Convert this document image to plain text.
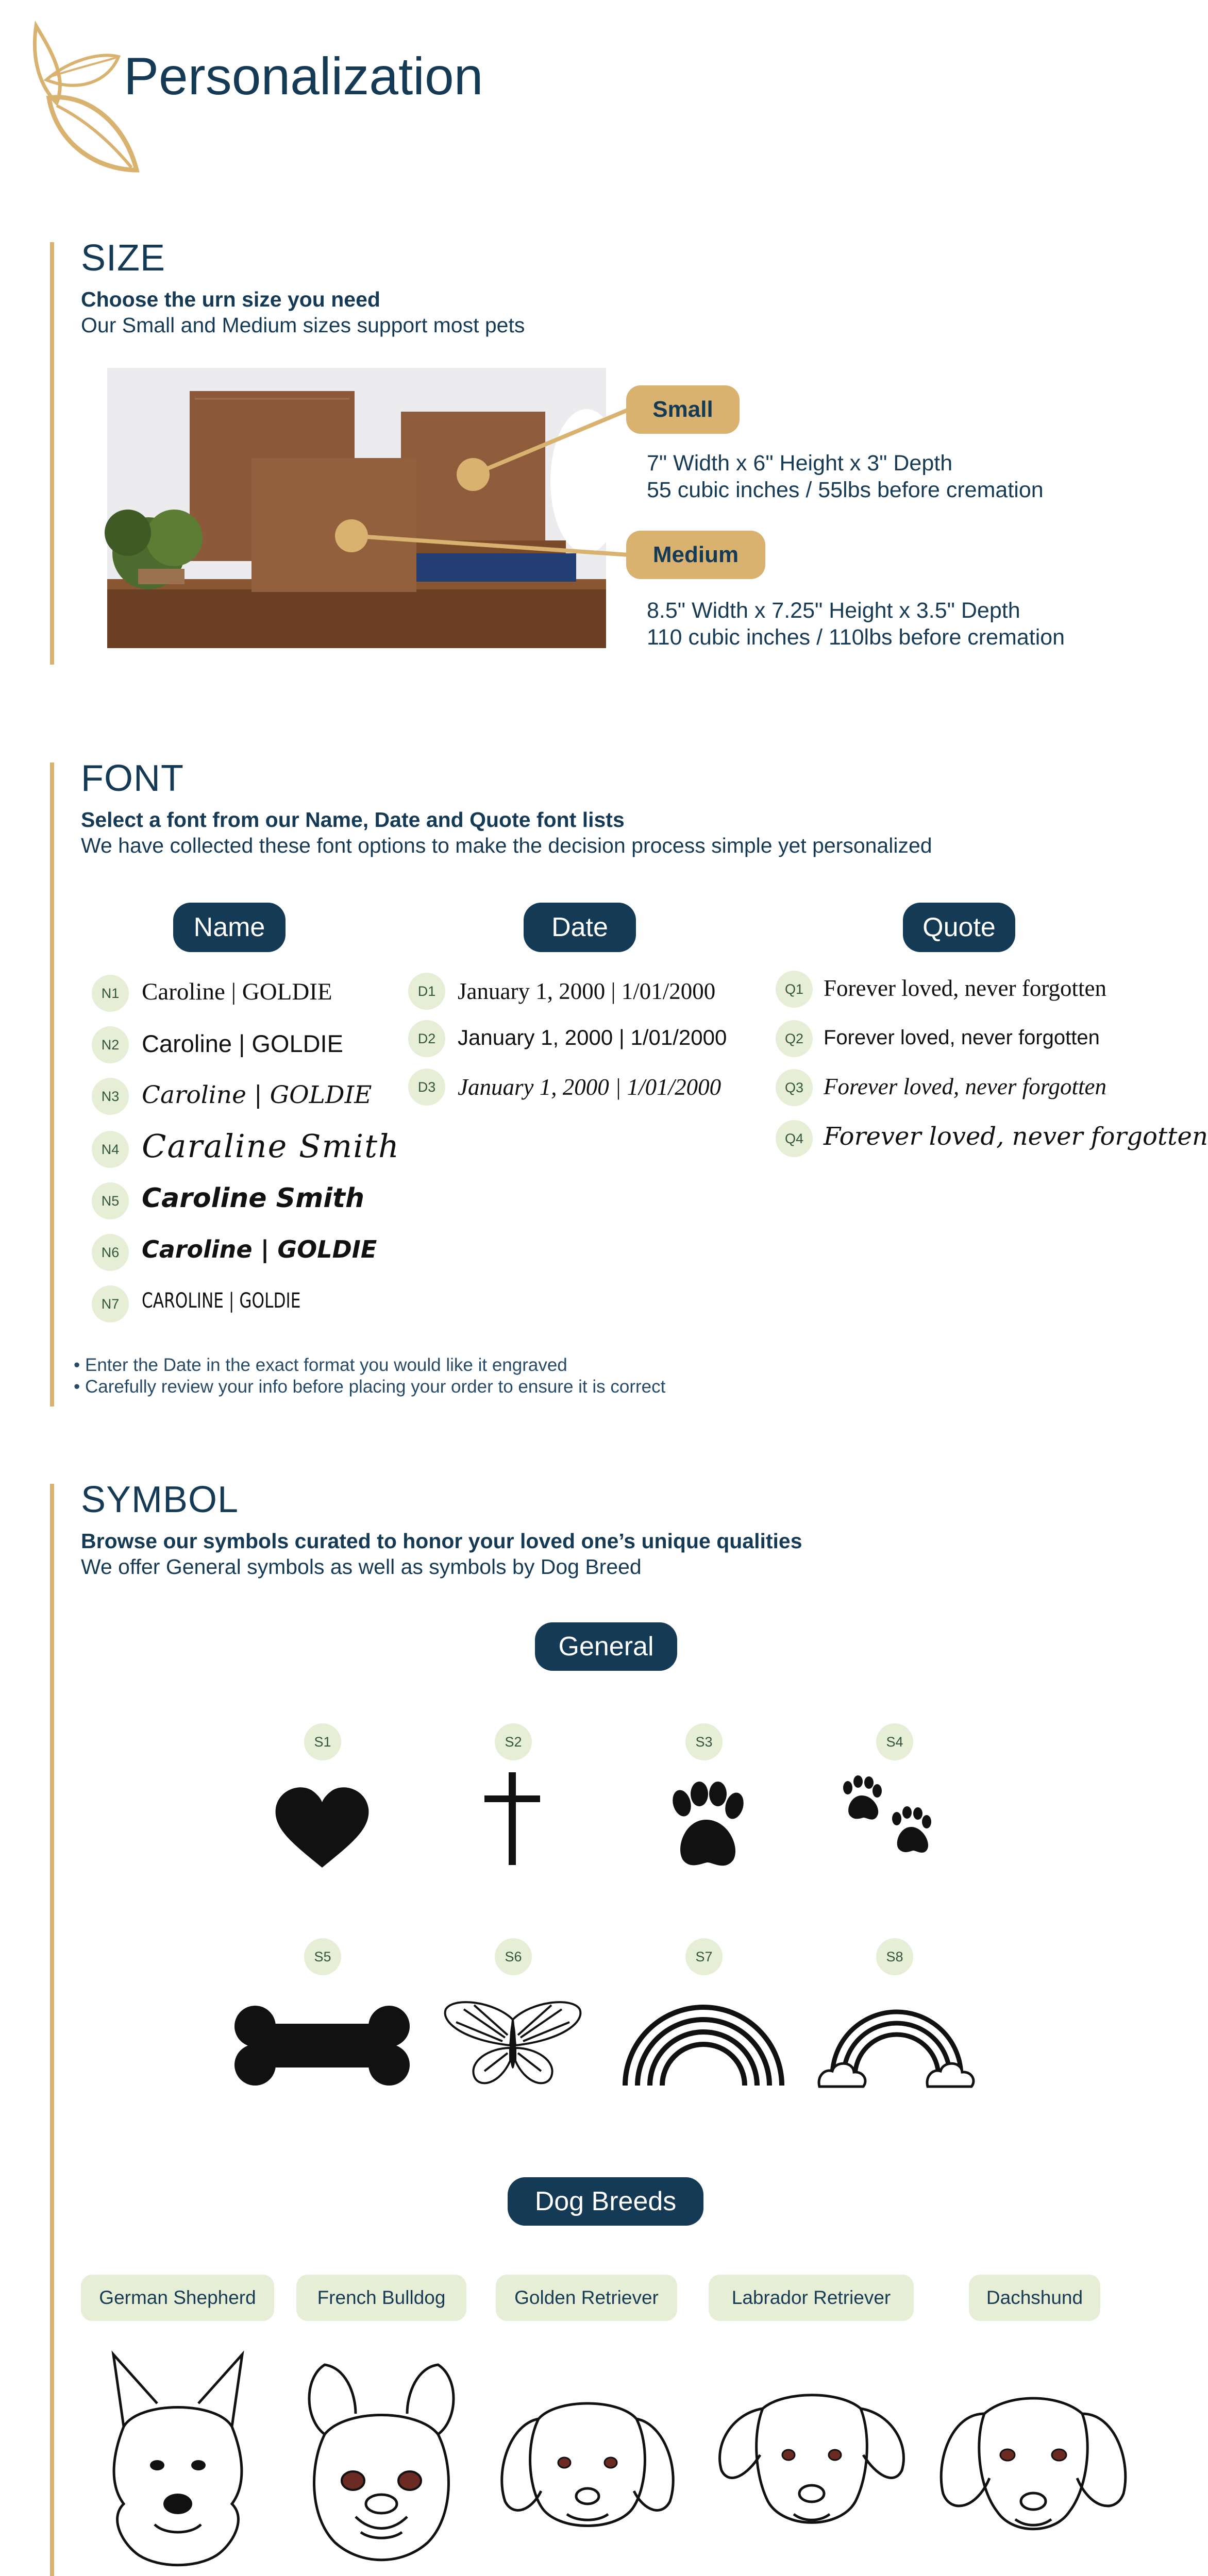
Personalization
SIZE
Choose the urn size you need
Our Small and Medium sizes support most pets
Small
7" Width x 6" Height x 3" Depth
55 cubic inches / 55lbs before cremation
Medium
8.5" Width x 7.25" Height x 3.5" Depth
110 cubic inches / 110lbs before cremation
FONT
Select a font from our Name, Date and Quote font lists
We have collected these font options to make the decision process simple yet personalized
Name	Date	Quote
N1 Caroline | GOLDIE
N2 Caroline | GOLDIE
N3 Caroline | GOLDIE
N4 Caraline Smith
N5 Caroline Smith
N6 Caroline | GOLDIE
N7	CAROLINE | GOLDIE
D1 January 1, 2000 | 1/01/2000
D2	January 1, 2000 | 1/01/2000
D3 January 1, 2000 | 1/01/2000
Q1 Forever loved, never forgotten
Q2 Forever loved, never forgotten
Q3 Forever loved, never forgotten
Q4 Forever loved, never forgotten
• Enter the Date in the exact format you would like it engraved
• Carefully review your info before placing your order to ensure it is correct
SYMBOL
Browse our symbols curated to honor your loved one’s unique qualities
We offer General symbols as well as symbols by Dog Breed
General
S1	S2	S3	S4
S5	S6	S7	S8
Dog Breeds
German Shepherd	French Bulldog	Golden Retriever	Labrador Retriever	Dachshund
